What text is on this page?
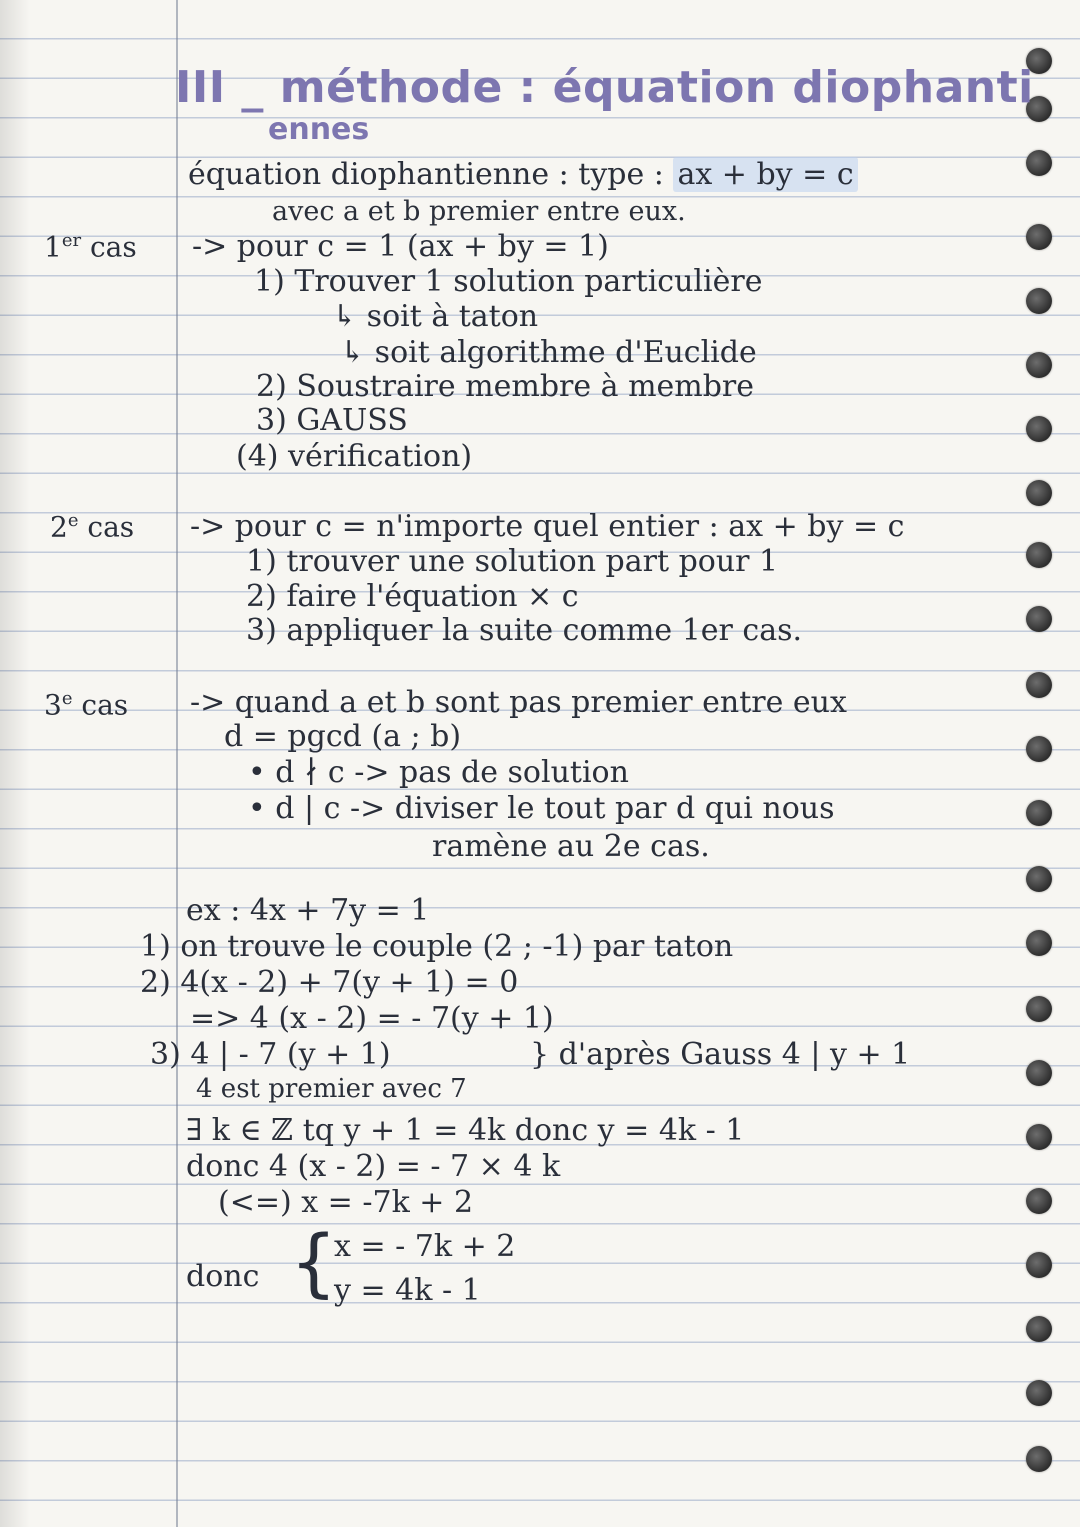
III _ méthode : équation diophanti
ennes
équation diophantienne : type : ax + by = c
avec a et b premier entre eux.
1er cas -> pour c = 1 (ax + by = 1)
1) Trouver 1 solution particulière
↳ soit à taton
↳ soit algorithme d'Euclide
2) Soustraire membre à membre
3) GAUSS
(4) vérification)
2e cas -> pour c = n'importe quel entier : ax + by = c
1) trouver une solution part pour 1
2) faire l'équation × c
3) appliquer la suite comme 1er cas.
3e cas -> quand a et b sont pas premier entre eux
d = pgcd (a ; b)
• d ∤ c -> pas de solution
• d | c -> diviser le tout par d qui nous
ramène au 2e cas.
ex : 4x + 7y = 1
1) on trouve le couple (2 ; -1) par taton
2) 4(x - 2) + 7(y + 1) = 0
=> 4 (x - 2) = - 7(y + 1)
3) 4 | - 7 (y + 1)
4 est premier avec 7
} d'après Gauss 4 | y + 1
∃ k ∈ ℤ tq y + 1 = 4k donc y = 4k - 1
donc 4 (x - 2) = - 7 × 4 k
(<=) x = -7k + 2
donc {
x = - 7k + 2
y = 4k - 1
